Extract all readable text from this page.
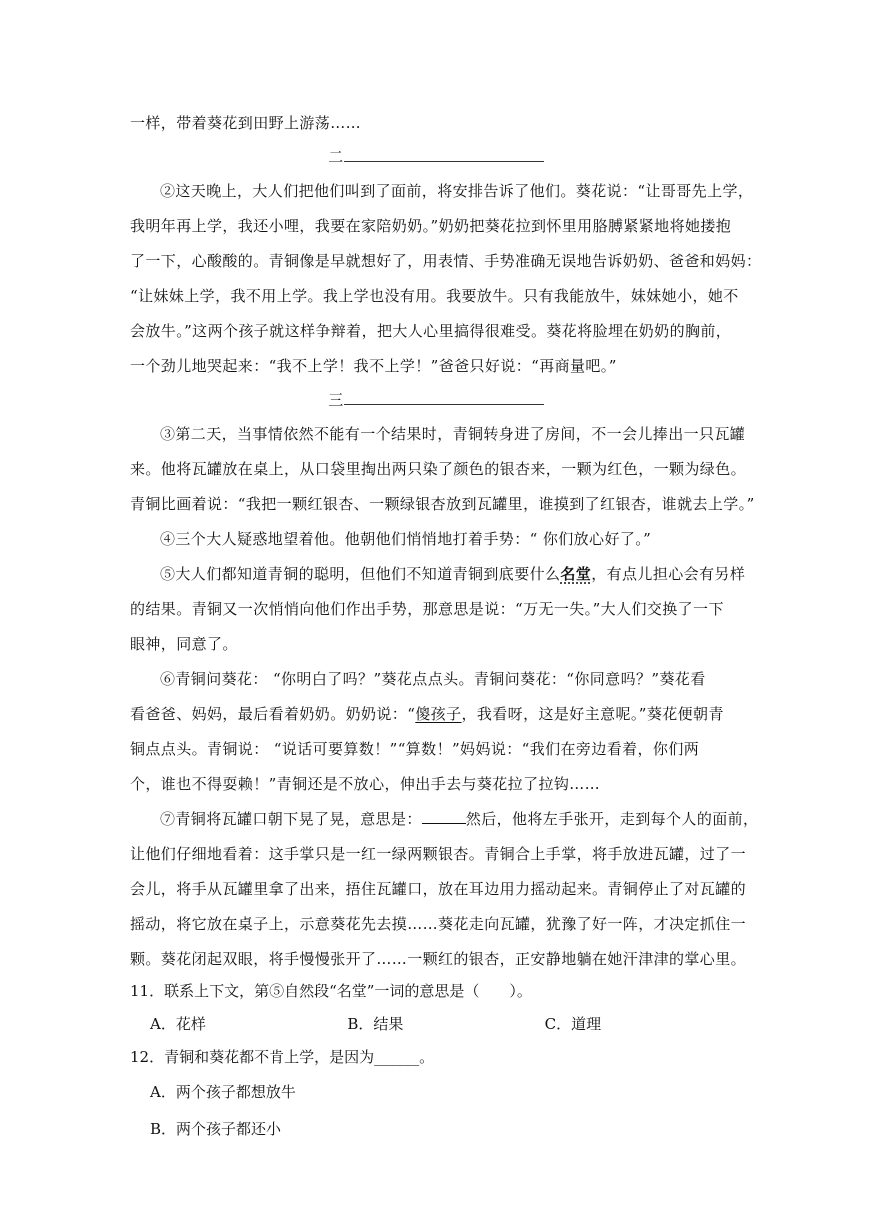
一样，带着葵花到田野上游荡……
二
②这天晚上，大人们把他们叫到了面前，将安排告诉了他们。葵花说：“让哥哥先上学，
我明年再上学，我还小哩，我要在家陪奶奶。”奶奶把葵花拉到怀里用胳膊紧紧地将她搂抱
了一下，心酸酸的。青铜像是早就想好了，用表情、手势准确无误地告诉奶奶、爸爸和妈妈：
“让妹妹上学，我不用上学。我上学也没有用。我要放牛。只有我能放牛，妹妹她小，她不
会放牛。”这两个孩子就这样争辩着，把大人心里搞得很难受。葵花将脸埋在奶奶的胸前，
一个劲儿地哭起来：“我不上学！我不上学！”爸爸只好说：“再商量吧。”
三
③第二天，当事情依然不能有一个结果时，青铜转身进了房间，不一会儿捧出一只瓦罐
来。他将瓦罐放在桌上，从口袋里掏出两只染了颜色的银杏来，一颗为红色，一颗为绿色。
青铜比画着说：“我把一颗红银杏、一颗绿银杏放到瓦罐里，谁摸到了红银杏，谁就去上学。”
④三个大人疑惑地望着他。他朝他们悄悄地打着手势：“ 你们放心好了。”
⑤大人们都知道青铜的聪明，但他们不知道青铜到底要什么名堂，有点儿担心会有另样
的结果。青铜又一次悄悄向他们作出手势，那意思是说：“万无一失。”大人们交换了一下
眼神，同意了。
⑥青铜问葵花： “你明白了吗？”葵花点点头。青铜问葵花：“你同意吗？”葵花看
看爸爸、妈妈，最后看着奶奶。奶奶说：“傻孩子，我看呀，这是好主意呢。”葵花便朝青
铜点点头。青铜说： “说话可要算数！”“算数！”妈妈说：“我们在旁边看着，你们两
个，谁也不得耍赖！”青铜还是不放心，伸出手去与葵花拉了拉钩……
⑦青铜将瓦罐口朝下晃了晃，意思是：	然后，他将左手张开，走到每个人的面前，
让他们仔细地看着：这手掌只是一红一绿两颗银杏。青铜合上手掌，将手放进瓦罐，过了一
会儿，将手从瓦罐里拿了出来，捂住瓦罐口，放在耳边用力摇动起来。青铜停止了对瓦罐的
摇动，将它放在桌子上，示意葵花先去摸……葵花走向瓦罐，犹豫了好一阵，才决定抓住一
颗。葵花闭起双眼，将手慢慢张开了……一颗红的银杏，正安静地躺在她汗津津的掌心里。
11．联系上下文，第⑤自然段“名堂”一词的意思是（　　）。
A．花样	B．结果	C．道理
12．青铜和葵花都不肯上学，是因为______。
A．两个孩子都想放牛
B．两个孩子都还小
